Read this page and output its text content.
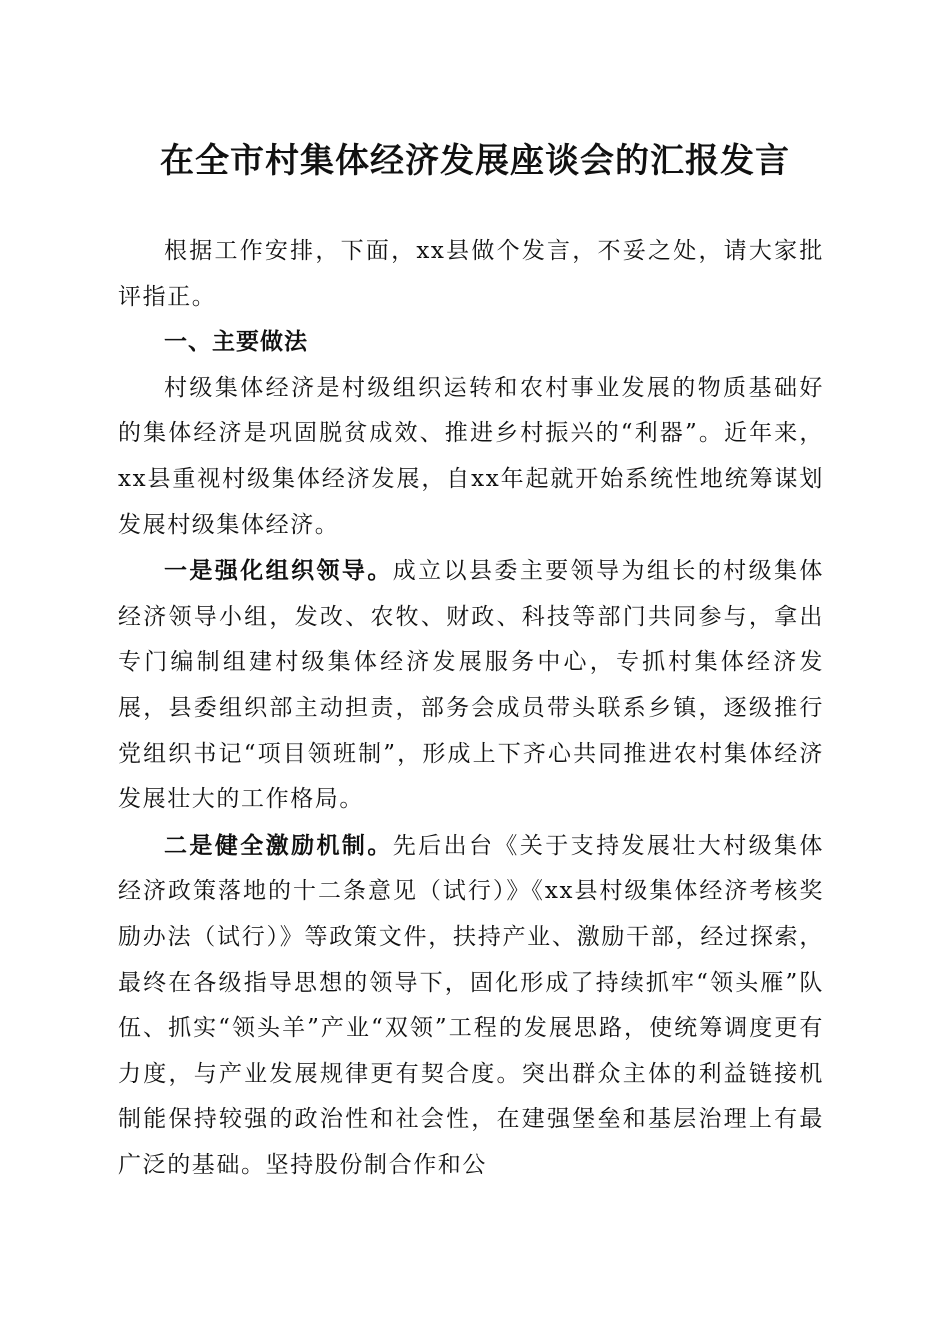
在全市村集体经济发展座谈会的汇报发言

根据工作安排，下面，xx县做个发言，不妥之处，请大家批评指正。

一、主要做法

村级集体经济是村级组织运转和农村事业发展的物质基础好的集体经济是巩固脱贫成效、推进乡村振兴的“利器”。近年来，xx县重视村级集体经济发展，自xx年起就开始系统性地统筹谋划发展村级集体经济。

一是强化组织领导。成立以县委主要领导为组长的村级集体经济领导小组，发改、农牧、财政、科技等部门共同参与，拿出专门编制组建村级集体经济发展服务中心，专抓村集体经济发展，县委组织部主动担责，部务会成员带头联系乡镇，逐级推行党组织书记“项目领班制”，形成上下齐心共同推进农村集体经济发展壮大的工作格局。

二是健全激励机制。先后出台《关于支持发展壮大村级集体经济政策落地的十二条意见（试行）》《xx县村级集体经济考核奖励办法（试行）》等政策文件，扶持产业、激励干部，经过探索，最终在各级指导思想的领导下，固化形成了持续抓牢“领头雁”队伍、抓实“领头羊”产业“双领”工程的发展思路，使统筹调度更有力度，与产业发展规律更有契合度。突出群众主体的利益链接机制能保持较强的政治性和社会性，在建强堡垒和基层治理上有最广泛的基础。坚持股份制合作和公
